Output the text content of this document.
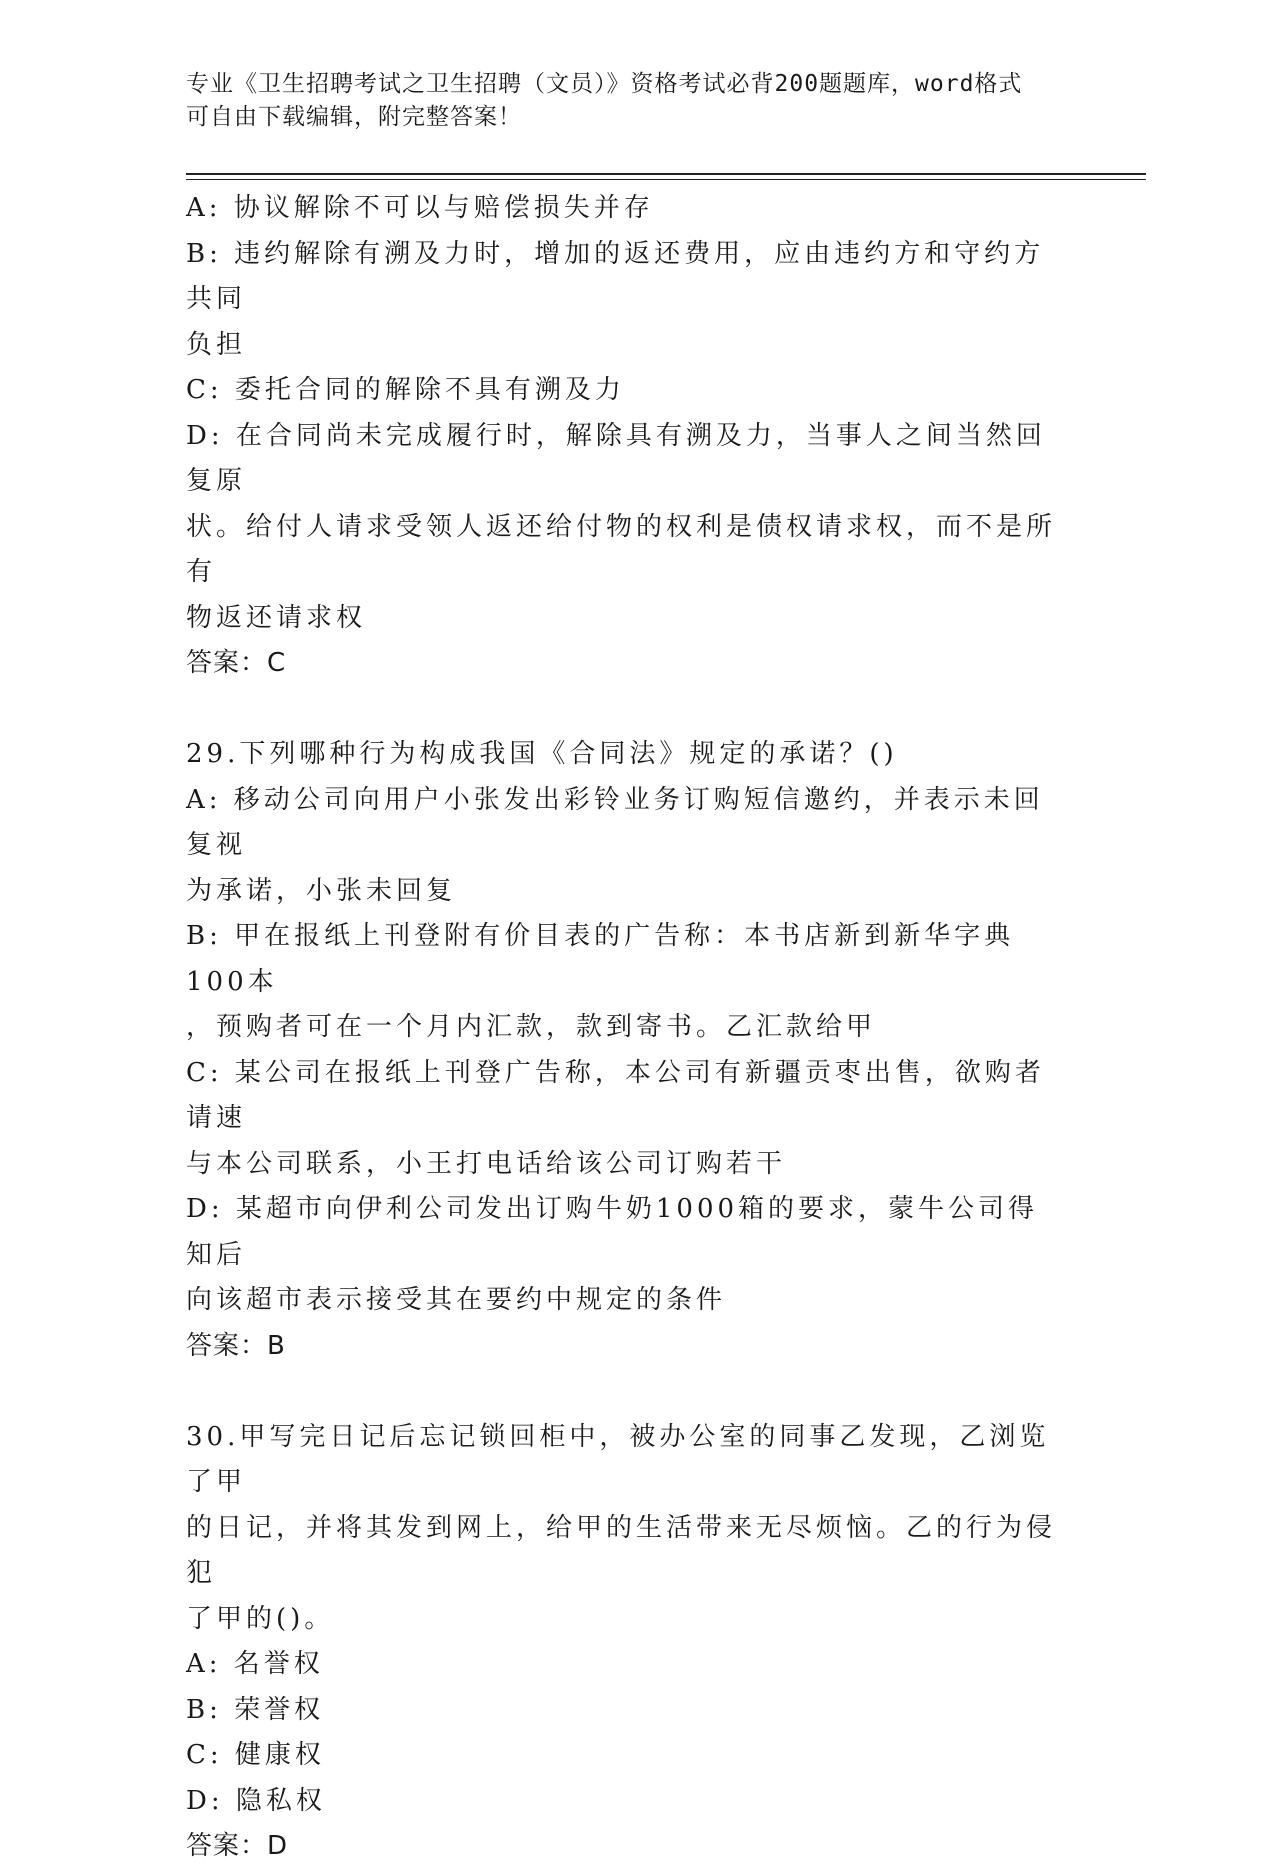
专业《卫生招聘考试之卫生招聘（文员）》资格考试必背200题题库，word格式
可自由下载编辑，附完整答案！
A: 协议解除不可以与赔偿损失并存
B: 违约解除有溯及力时，增加的返还费用，应由违约方和守约方共同
负担
C: 委托合同的解除不具有溯及力
D: 在合同尚未完成履行时，解除具有溯及力，当事人之间当然回复原
状。给付人请求受领人返还给付物的权利是债权请求权，而不是所有
物返还请求权
答案：C
29.下列哪种行为构成我国《合同法》规定的承诺？()
A: 移动公司向用户小张发出彩铃业务订购短信邀约，并表示未回复视
为承诺，小张未回复
B: 甲在报纸上刊登附有价目表的广告称：本书店新到新华字典100本
，预购者可在一个月内汇款，款到寄书。乙汇款给甲
C: 某公司在报纸上刊登广告称，本公司有新疆贡枣出售，欲购者请速
与本公司联系，小王打电话给该公司订购若干
D: 某超市向伊利公司发出订购牛奶1000箱的要求，蒙牛公司得知后
向该超市表示接受其在要约中规定的条件
答案：B
30.甲写完日记后忘记锁回柜中，被办公室的同事乙发现，乙浏览了甲
的日记，并将其发到网上，给甲的生活带来无尽烦恼。乙的行为侵犯
了甲的()。
A: 名誉权
B: 荣誉权
C: 健康权
D: 隐私权
答案：D
